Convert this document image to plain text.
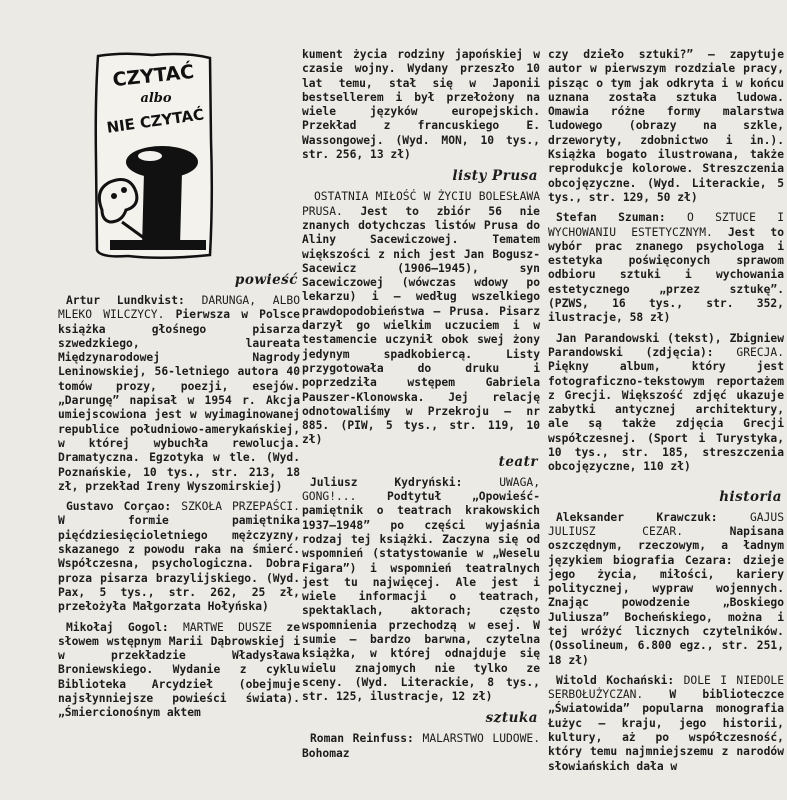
CZYTAĆ
albo
NIE CZYTAĆ
powieść

Artur Lundkvist: DARUNGA, ALBO MLEKO WILCZYCY. Pierwsza w Polsce książka głośnego pisarza szwedzkiego, laureata Międzynarodowej Nagrody Leninowskiej, 56-letniego autora 40 tomów prozy, poezji, esejów. „Darungę” napisał w 1954 r. Akcja umiejscowiona jest w wyimaginowanej republice południowo-amerykańskiej, w której wybuchła rewolucja. Dramatyczna. Egzotyka w tle. (Wyd. Poznańskie, 10 tys., str. 213, 18 zł, przekład Ireny Wyszomirskiej)

Gustavo Corçao: SZKOŁA PRZEPAŚCI. W formie pamiętnika pięćdziesięcioletniego mężczyzny, skazanego z powodu raka na śmierć. Współczesna, psychologiczna. Dobra proza pisarza brazylijskiego. (Wyd. Pax, 5 tys., str. 262, 25 zł, przełożyła Małgorzata Hołyńska)

Mikołaj Gogol: MARTWE DUSZE ze słowem wstępnym Marii Dąbrowskiej i w przekładzie Władysława Broniewskiego. Wydanie z cyklu Biblioteka Arcydzieł (obejmuje najsłynniejsze powieści świata). „Śmiercionośnym aktem

kument życia rodziny japońskiej w czasie wojny. Wydany przeszło 10 lat temu, stał się w Japonii bestsellerem i był przełożony na wiele języków europejskich. Przekład z francuskiego E. Wassongowej. (Wyd. MON, 10 tys., str. 256, 13 zł)

listy Prusa

OSTATNIA MIŁOŚĆ W ŻYCIU BOLESŁAWA PRUSA. Jest to zbiór 56 nie znanych dotychczas listów Prusa do Aliny Sacewiczowej. Tematem większości z nich jest Jan Bogusz-Sacewicz (1906—1945), syn Sacewiczowej (wówczas wdowy po lekarzu) i — według wszelkiego prawdopodobieństwa — Prusa. Pisarz darzył go wielkim uczuciem i w testamencie uczynił obok swej żony jedynym spadkobiercą. Listy przygotowała do druku i poprzedziła wstępem Gabriela Pauszer-Klonowska. Jej relację odnotowaliśmy w Przekroju — nr 885. (PIW, 5 tys., str. 119, 10 zł)

teatr

Juliusz Kydryński:	UWAGA, GONG!...	Podtytuł „Opowieść-pamiętnik o teatrach krakowskich 1937—1948” po części wyjaśnia rodzaj tej książki. Zaczyna się od wspomnień (statystowanie w „Weselu Figara”) i wspomnień teatralnych jest tu najwięcej. Ale jest i wiele informacji o teatrach, spektaklach, aktorach; często wspomnienia przechodzą w esej. W sumie — bardzo barwna, czytelna książka, w której odnajduje się wielu znajomych nie tylko ze sceny. (Wyd. Literackie, 8 tys., str. 125, ilustracje, 12 zł)

sztuka

Roman Reinfuss: MALARSTWO LUDOWE. Bohomaz

czy dzieło sztuki?” — zapytuje autor w pierwszym rozdziale pracy, pisząc o tym jak odkryta i w końcu uznana została sztuka ludowa. Omawia różne formy malarstwa ludowego (obrazy na szkle, drzeworyty, zdobnictwo i in.). Książka bogato ilustrowana, także reprodukcje kolorowe. Streszczenia obcojęzyczne. (Wyd. Literackie, 5 tys., str. 129, 50 zł)

Stefan Szuman: O SZTUCE I WYCHOWANIU ESTETYCZNYM. Jest to wybór prac znanego psychologa i estetyka poświęconych sprawom odbioru sztuki i wychowania estetycznego „przez sztukę”. (PZWS, 16 tys., str. 352, ilustracje, 58 zł)

Jan Parandowski (tekst), Zbigniew Parandowski (zdjęcia): GRECJA. Piękny album, który jest fotograficzno-tekstowym reportażem z Grecji. Większość zdjęć ukazuje zabytki antycznej architektury, ale są także zdjęcia Grecji współczesnej. (Sport i Turystyka, 10 tys., str. 185, streszczenia obcojęzyczne, 110 zł)

historia

Aleksander Krawczuk:	GAJUS JULIUSZ CEZAR.	Napisana oszczędnym, rzeczowym, a ładnym językiem biografia Cezara: dzieje jego życia, miłości, kariery politycznej, wypraw wojennych. Znając powodzenie „Boskiego Juliusza” Bocheńskiego, można i tej wróżyć licznych czytelników. (Ossolineum, 6.800 egz., str. 251, 18 zł)

Witold Kochański: DOLE I NIEDOLE SERBOŁUŻYCZAN. W biblioteczce „Światowida” popularna monografia Łużyc — kraju, jego historii, kultury, aż po współczesność, który temu najmniejszemu z narodów słowiańskich dała w
